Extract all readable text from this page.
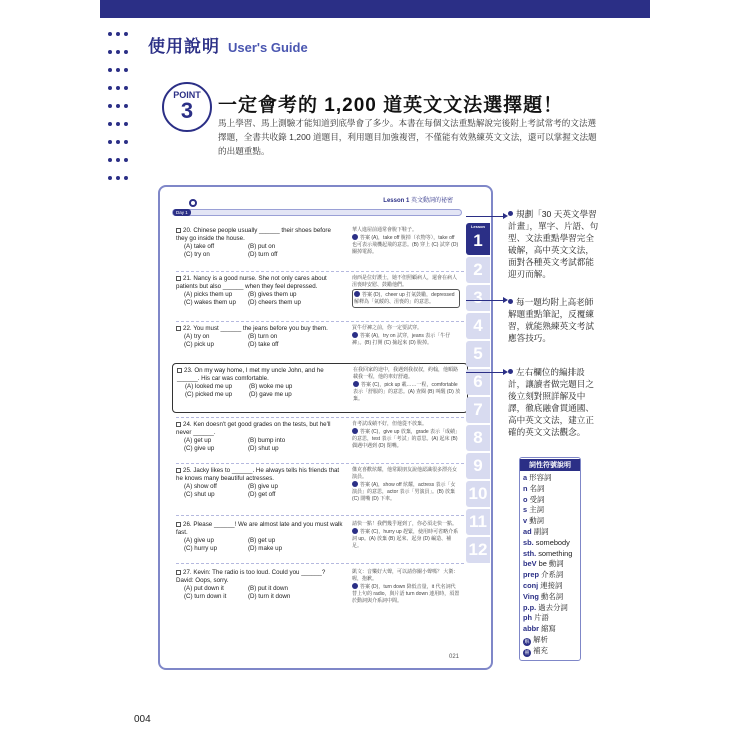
使用說明 User's Guide
POINT
3	一定會考的 1,200 道英文文法選擇題！
馬上學習、馬上測驗才能知道到底學會了多少。本書在每個文法重點解說完後附上考試常考的文法選擇題，全書共收錄 1,200 道題目，利用題目加強複習，不僅能有效熟練英文文法，還可以掌握文法題的出題重點。
Lesson 1 英文動詞的祕密
Day 1
20. Chinese people usually ______ their shoes before they go inside the house.
(A) take off	(B) put on
(C) try on	(D) turn off
華人進屋前通常會脫下鞋子。
答案 (A)，take off 脫掉（衣物等），take off 也可表示飛機起飛的意思。(B) 穿上 (C) 試穿 (D) 關掉電源。
21. Nancy is a good nurse. She not only cares about patients but also ______ when they feel depressed.
(A) picks them up	(B) gives them up
(C) wakes them up	(D) cheers them up
南西是位好護士，她不但照顧病人，還會在病人沮喪時安慰、鼓勵他們。
答案 (D)，cheer up 打氣鼓勵，depressed 解釋為「氣餒的、沮喪的」的意思。
22. You must ______ the jeans before you buy them.
(A) try on	(B) turn on
(C) pick up	(D) take off
買牛仔褲之前，你一定要試穿。
答案 (A)，try on 試穿，jeans 表示「牛仔褲」。(B) 打開 (C) 撿起來 (D) 脫掉。
23. On my way home, I met my uncle John, and he ______. His car was comfortable.
(A) looked me up	(B) woke me up
(C) picked me up	(D) gave me up
在我回家的途中，我遇到我叔叔，約翰，他順路載我一程，他的車好舒適。
答案 (C)，pick up 載……一程，comfortable 表示「舒服的」的意思。(A) 查閱 (B) 叫醒 (D) 放棄。
24. Ken doesn't get good grades on the tests, but he'll never ______.
(A) get up	(B) bump into
(C) give up	(D) shut up
肯考試成績不好，但他從不放棄。
答案 (C)，give up 放棄，grade 表示「成績」的意思，test 表示「考試」的意思。(A) 起床 (B) 偶遇中遇到 (D) 閉嘴。
25. Jacky likes to ______. He always tells his friends that he knows many beautiful actresses.
(A) show off	(B) give up
(C) shut up	(D) get off
傑克喜歡炫耀，他常跟朋友說他認識很多漂亮女演員。
答案 (A)，show off 炫耀，actress 表示「女演員」的意思，actor 表示「男演員」。(B) 放棄 (C) 閉嘴 (D) 下車。
26. Please ______! We are almost late and you must walk fast.
(A) give up	(B) get up
(C) hurry up	(D) make up
請快一點！我們幾乎遲到了，你必須走快一點。
答案 (C)，hurry up 趕緊，使用時可省略介系詞 up。(A) 放棄 (B) 起來、起身 (D) 編造、補足。
27. Kevin: The radio is too loud. Could you ______? David: Oops, sorry.
(A) put down it	(B) put it down
(C) turn down it	(D) turn it down
凱文：音樂好大聲，可以請你關小聲嗎？ 大衛：喔，抱歉。
答案 (D)，turn down 降低音量，it 代名詞代替上句的 radio，與片語 turn down 連用時，須置於動詞與介系詞中間。
021
Lesson
1
2
3
4
5
6
7
8
9
10
11
12
規劃「30 天英文學習計畫」，單字、片語、句型、文法重點學習完全破解，高中英文文法，面對各種英文考試都能迎刃而解。
每一題均附上高老師解題重點筆記，反覆練習，就能熟練英文考試應答技巧。
左右欄位的編排設計，讓讀者做完題目之後立刻對照詳解及中譯，徹底融會貫通國、高中英文文法，建立正確的英文文法觀念。
詞性符號說明
a 形容詞
n 名詞
o 受詞
s 主詞
v 動詞
ad 副詞
sb. somebody
sth. something
beV be 動詞
prep 介系詞
conj 連接詞
Ving 動名詞
p.p. 過去分詞
ph 片語
abbr 縮寫
解 解析
補 補充
004
